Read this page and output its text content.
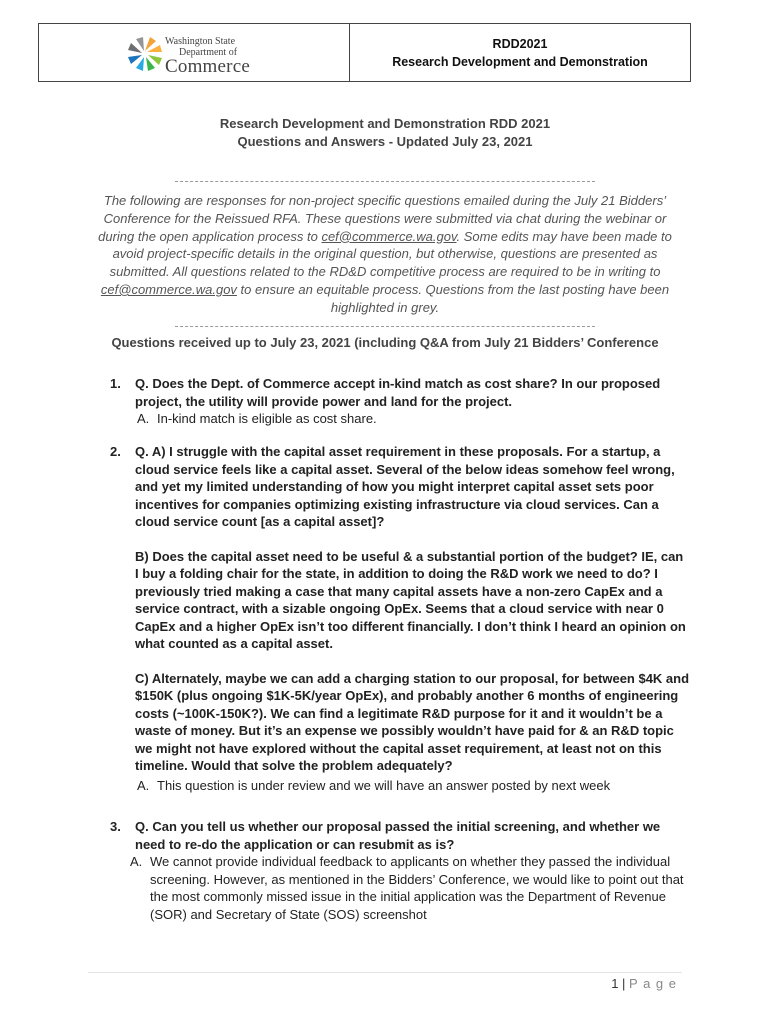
Washington State
Department of
Commerce
RDD2021
Research Development and Demonstration
Research Development and Demonstration RDD 2021
Questions and Answers - Updated July 23, 2021
The following are responses for non-project specific questions emailed during the July 21 Bidders’ Conference for the Reissued RFA. These questions were submitted via chat during the webinar or during the open application process to cef@commerce.wa.gov. Some edits may have been made to avoid project-specific details in the original question, but otherwise, questions are presented as submitted. All questions related to the RD&D competitive process are required to be in writing to cef@commerce.wa.gov to ensure an equitable process. Questions from the last posting have been highlighted in grey.
Questions received up to July 23, 2021 (including Q&A from July 21 Bidders’ Conference
1. Q. Does the Dept. of Commerce accept in-kind match as cost share? In our proposed project, the utility will provide power and land for the project.

A. In-kind match is eligible as cost share.
2. Q. A) I struggle with the capital asset requirement in these proposals. For a startup, a cloud service feels like a capital asset. Several of the below ideas somehow feel wrong, and yet my limited understanding of how you might interpret capital asset sets poor incentives for companies optimizing existing infrastructure via cloud services. Can a cloud service count [as a capital asset]?

B) Does the capital asset need to be useful & a substantial portion of the budget? IE, can I buy a folding chair for the state, in addition to doing the R&D work we need to do? I previously tried making a case that many capital assets have a non-zero CapEx and a service contract, with a sizable ongoing OpEx. Seems that a cloud service with near 0 CapEx and a higher OpEx isn’t too different financially. I don’t think I heard an opinion on what counted as a capital asset.

C) Alternately, maybe we can add a charging station to our proposal, for between $4K and $150K (plus ongoing $1K-5K/year OpEx), and probably another 6 months of engineering costs (~100K-150K?). We can find a legitimate R&D purpose for it and it wouldn’t be a waste of money. But it’s an expense we possibly wouldn’t have paid for & an R&D topic we might not have explored without the capital asset requirement, at least not on this timeline. Would that solve the problem adequately?

A. This question is under review and we will have an answer posted by next week
3. Q. Can you tell us whether our proposal passed the initial screening, and whether we need to re-do the application or can resubmit as is?

A. We cannot provide individual feedback to applicants on whether they passed the individual screening. However, as mentioned in the Bidders’ Conference, we would like to point out that the most commonly missed issue in the initial application was the Department of Revenue (SOR) and Secretary of State (SOS) screenshot
1 | P a g e
